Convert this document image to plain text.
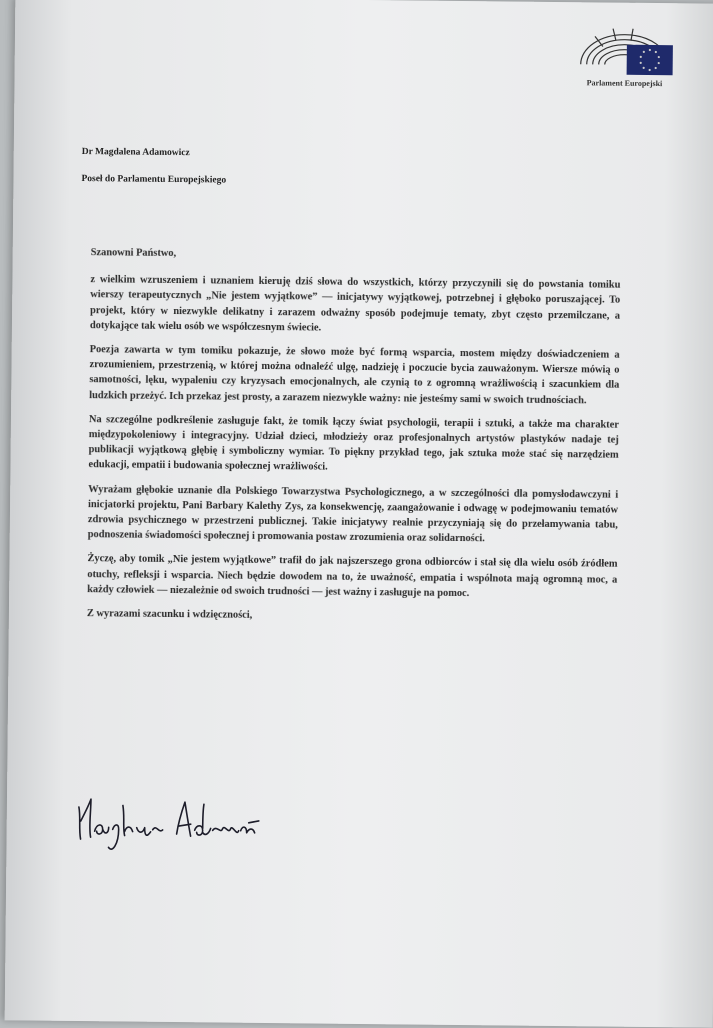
Parlament Europejski
Dr Magdalena Adamowicz
Poseł do Parlamentu Europejskiego

Szanowni Państwo,

z wielkim wzruszeniem i uznaniem kieruję dziś słowa do wszystkich, którzy przyczynili się do powstania tomiku wierszy terapeutycznych „Nie jestem wyjątkowe” — inicjatywy wyjątkowej, potrzebnej i głęboko poruszającej. To projekt, który w niezwykle delikatny i zarazem odważny sposób podejmuje tematy, zbyt często przemilczane, a dotykające tak wielu osób we współczesnym świecie.

Poezja zawarta w tym tomiku pokazuje, że słowo może być formą wsparcia, mostem między doświadczeniem a zrozumieniem, przestrzenią, w której można odnaleźć ulgę, nadzieję i poczucie bycia zauważonym. Wiersze mówią o samotności, lęku, wypaleniu czy kryzysach emocjonalnych, ale czynią to z ogromną wrażliwością i szacunkiem dla ludzkich przeżyć. Ich przekaz jest prosty, a zarazem niezwykle ważny: nie jesteśmy sami w swoich trudnościach.

Na szczególne podkreślenie zasługuje fakt, że tomik łączy świat psychologii, terapii i sztuki, a także ma charakter międzypokoleniowy i integracyjny. Udział dzieci, młodzieży oraz profesjonalnych artystów plastyków nadaje tej publikacji wyjątkową głębię i symboliczny wymiar. To piękny przykład tego, jak sztuka może stać się narzędziem edukacji, empatii i budowania społecznej wrażliwości.

Wyrażam głębokie uznanie dla Polskiego Towarzystwa Psychologicznego, a w szczególności dla pomysłodawczyni i inicjatorki projektu, Pani Barbary Kalethy Zys, za konsekwencję, zaangażowanie i odwagę w podejmowaniu tematów zdrowia psychicznego w przestrzeni publicznej. Takie inicjatywy realnie przyczyniają się do przełamywania tabu, podnoszenia świadomości społecznej i promowania postaw zrozumienia oraz solidarności.

Życzę, aby tomik „Nie jestem wyjątkowe” trafił do jak najszerszego grona odbiorców i stał się dla wielu osób źródłem otuchy, refleksji i wsparcia. Niech będzie dowodem na to, że uważność, empatia i wspólnota mają ogromną moc, a każdy człowiek — niezależnie od swoich trudności — jest ważny i zasługuje na pomoc.

Z wyrazami szacunku i wdzięczności,
